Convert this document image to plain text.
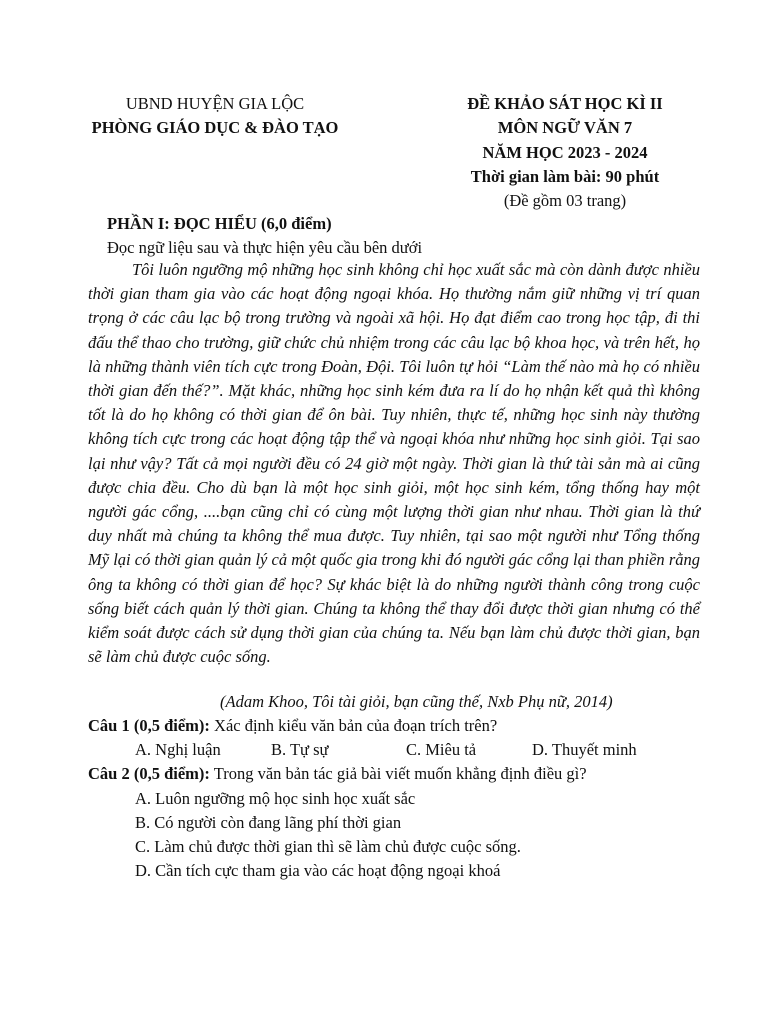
UBND HUYỆN GIA LỘC
PHÒNG GIÁO DỤC & ĐÀO TẠO
ĐỀ KHẢO SÁT HỌC KÌ II
MÔN NGỮ VĂN 7
NĂM HỌC 2023 - 2024
Thời gian làm bài: 90 phút
(Đề gồm 03 trang)
PHẦN I: ĐỌC HIỂU (6,0 điểm)
Đọc ngữ liệu sau và thực hiện yêu cầu bên dưới

Tôi luôn ngưỡng mộ những học sinh không chỉ học xuất sắc mà còn dành được nhiều thời gian tham gia vào các hoạt động ngoại khóa. Họ thường nắm giữ những vị trí quan trọng ở các câu lạc bộ trong trường và ngoài xã hội. Họ đạt điểm cao trong học tập, đi thi đấu thể thao cho trường, giữ chức chủ nhiệm trong các câu lạc bộ khoa học, và trên hết, họ là những thành viên tích cực trong Đoàn, Đội. Tôi luôn tự hỏi “Làm thế nào mà họ có nhiều thời gian đến thế?”. Mặt khác, những học sinh kém đưa ra lí do họ nhận kết quả thì không tốt là do họ không có thời gian để ôn bài. Tuy nhiên, thực tế, những học sinh này thường không tích cực trong các hoạt động tập thể và ngoại khóa như những học sinh giỏi. Tại sao lại như vậy? Tất cả mọi người đều có 24 giờ một ngày. Thời gian là thứ tài sản mà ai cũng được chia đều. Cho dù bạn là một học sinh giỏi, một học sinh kém, tổng thống hay một người gác cổng, ....bạn cũng chỉ có cùng một lượng thời gian như nhau. Thời gian là thứ duy nhất mà chúng ta không thể mua được. Tuy nhiên, tại sao một người như Tổng thống Mỹ lại có thời gian quản lý cả một quốc gia trong khi đó người gác cổng lại than phiền rằng ông ta không có thời gian để học? Sự khác biệt là do những người thành công trong cuộc sống biết cách quản lý thời gian. Chúng ta không thể thay đổi được thời gian nhưng có thể kiểm soát được cách sử dụng thời gian của chúng ta. Nếu bạn làm chủ được thời gian, bạn sẽ làm chủ được cuộc sống.

(Adam Khoo, Tôi tài giỏi, bạn cũng thế, Nxb Phụ nữ, 2014)
Câu 1 (0,5 điểm): Xác định kiểu văn bản của đoạn trích trên?
A. Nghị luận	B. Tự sự	C. Miêu tả	D. Thuyết minh
Câu 2 (0,5 điểm): Trong văn bản tác giả bài viết muốn khẳng định điều gì?
A. Luôn ngưỡng mộ học sinh học xuất sắc
B. Có người còn đang lãng phí thời gian
C. Làm chủ được thời gian thì sẽ làm chủ được cuộc sống.
D. Cần tích cực tham gia vào các hoạt động ngoại khoá
